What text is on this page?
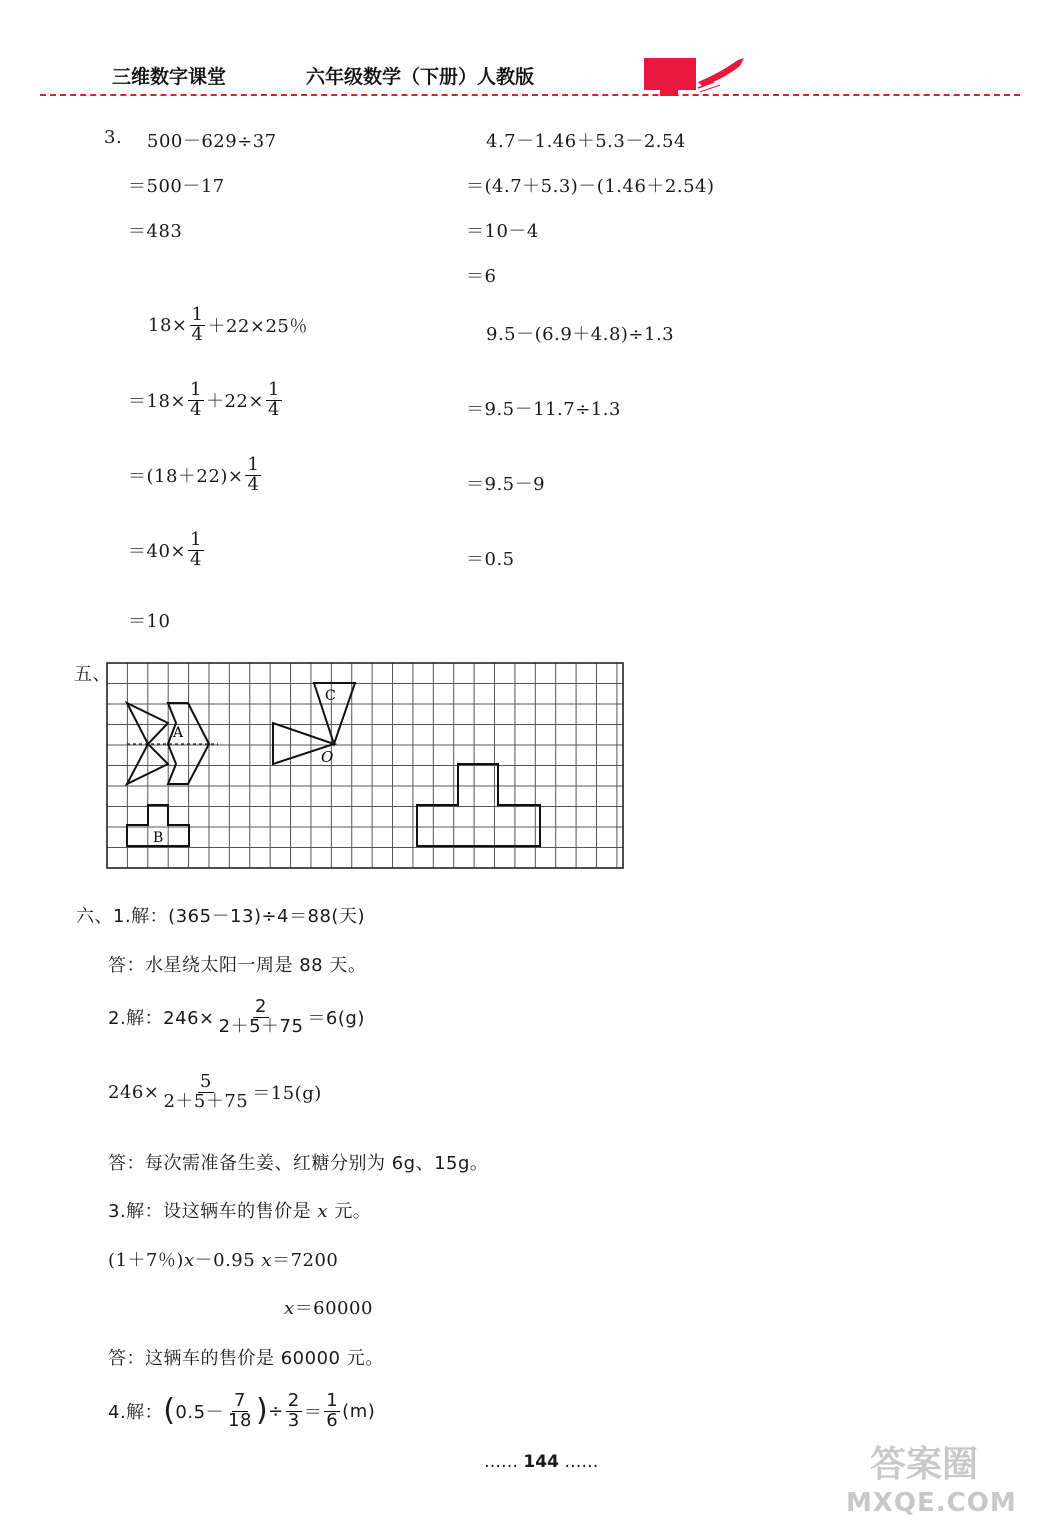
三维数字课堂	六年级数学（下册）人教版
3. 500－629÷37
＝500－17
＝483
4.7－1.46＋5.3－2.54
＝(4.7＋5.3)－(1.46＋2.54)
＝10－4
＝6
$18\times \frac{1}{4} +22\times 25$％
$=18\times \frac{1}{4} +22\times \frac{1}{4}$
$=(18+22)\times \frac{1}{4}$
$=40\times \frac{1}{4}$
＝10
9.5－(6.9＋4.8)÷1.3
＝9.5－11.7÷1.3
＝9.5－9
＝0.5
五、
A
B
C
O
六、1.解：(365－13)÷4＝88(天)
答：水星绕太阳一周是 88 天。
2.解：$246\times \frac{2}{2+5+75} =6(g)$
$246\times \frac{5}{2+5+75} =15(g)$
答：每次需准备生姜、红糖分别为 6g、15g。
3.解：设这辆车的售价是 x 元。
(1＋7％)x－0.95 x＝7200
x＝60000
答：这辆车的售价是 60000 元。
4.解： ( $0.5- \frac{7}{18}$ ) ÷ $\frac{2}{3} = \frac{1}{6} (m)$
…… 144 ……	答案圈
MXQE.COM
